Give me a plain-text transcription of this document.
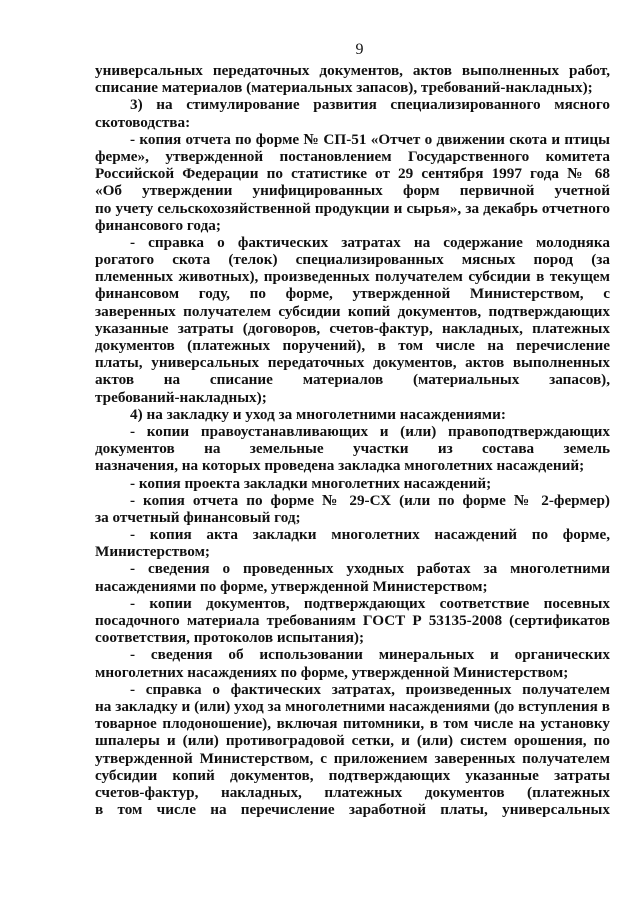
9
универсальных передаточных документов, актов выполненных работ,
списание материалов (материальных запасов), требований-накладных);
3) на стимулирование развития специализированного мясного
скотоводства:
- копия отчета по форме № СП-51 «Отчет о движении скота и птицы
ферме», утвержденной постановлением Государственного комитета
Российской Федерации по статистике от 29 сентября 1997 года № 68
«Об утверждении унифицированных форм первичной учетной
по учету сельскохозяйственной продукции и сырья», за декабрь отчетного
финансового года;
- справка о фактических затратах на содержание молодняка
рогатого скота (телок) специализированных мясных пород (за
племенных животных), произведенных получателем субсидии в текущем
финансовом году, по форме, утвержденной Министерством, с
заверенных получателем субсидии копий документов, подтверждающих
указанные затраты (договоров, счетов-фактур, накладных, платежных
документов (платежных поручений), в том числе на перечисление
платы, универсальных передаточных документов, актов выполненных
актов на списание материалов (материальных запасов),
требований-накладных);
4) на закладку и уход за многолетними насаждениями:
- копии правоустанавливающих и (или) правоподтверждающих
документов на земельные участки из состава земель
назначения, на которых проведена закладка многолетних насаждений;
- копия проекта закладки многолетних насаждений;
- копия отчета по форме № 29-СХ (или по форме № 2-фермер)
за отчетный финансовый год;
- копия акта закладки многолетних насаждений по форме,
Министерством;
- сведения о проведенных уходных работах за многолетними
насаждениями по форме, утвержденной Министерством;
- копии документов, подтверждающих соответствие посевных
посадочного материала требованиям ГОСТ Р 53135-2008 (сертификатов
соответствия, протоколов испытания);
- сведения об использовании минеральных и органических
многолетних насаждениях по форме, утвержденной Министерством;
- справка о фактических затратах, произведенных получателем
на закладку и (или) уход за многолетними насаждениями (до вступления в
товарное плодоношение), включая питомники, в том числе на установку
шпалеры и (или) противоградовой сетки, и (или) систем орошения, по
утвержденной Министерством, с приложением заверенных получателем
субсидии копий документов, подтверждающих указанные затраты
счетов-фактур, накладных, платежных документов (платежных
в том числе на перечисление заработной платы, универсальных
